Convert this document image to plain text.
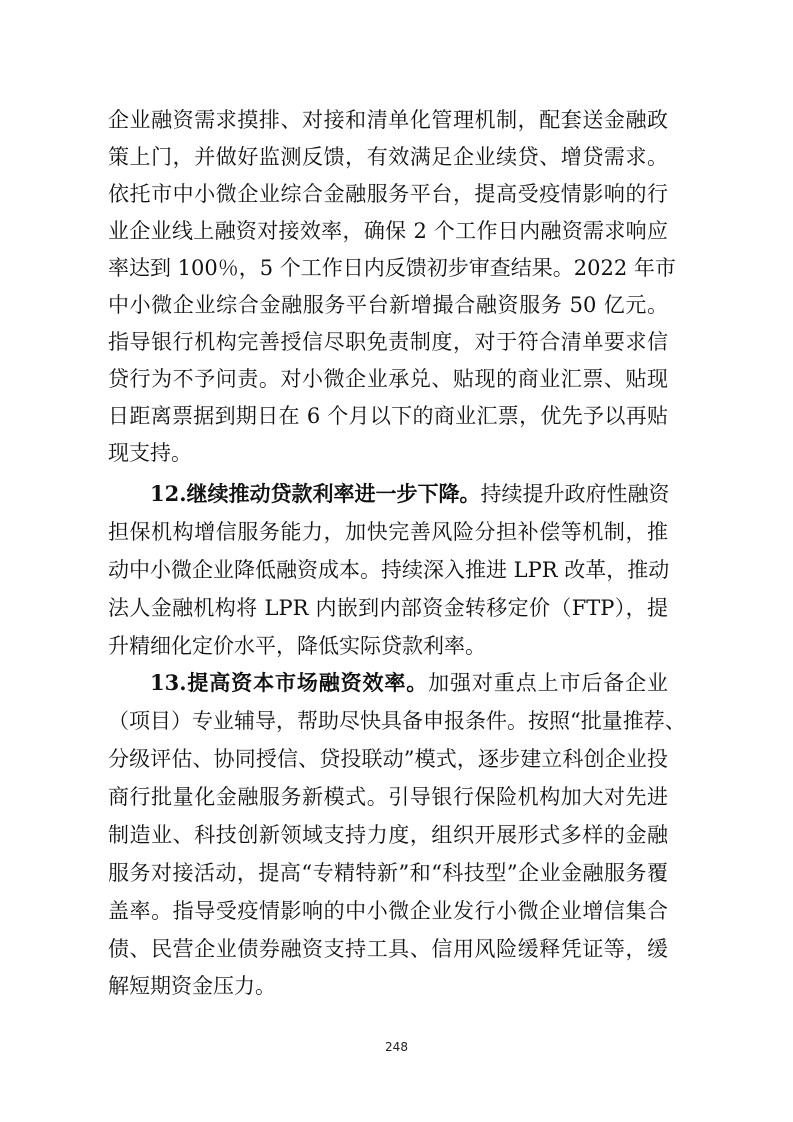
企业融资需求摸排、对接和清单化管理机制，配套送金融政
策上门，并做好监测反馈，有效满足企业续贷、增贷需求。
依托市中小微企业综合金融服务平台，提高受疫情影响的行
业企业线上融资对接效率，确保 2 个工作日内融资需求响应
率达到 100％，5 个工作日内反馈初步审查结果。2022 年市
中小微企业综合金融服务平台新增撮合融资服务 50 亿元。
指导银行机构完善授信尽职免责制度，对于符合清单要求信
贷行为不予问责。对小微企业承兑、贴现的商业汇票、贴现
日距离票据到期日在 6 个月以下的商业汇票，优先予以再贴
现支持。
12.继续推动贷款利率进一步下降。持续提升政府性融资
担保机构增信服务能力，加快完善风险分担补偿等机制，推
动中小微企业降低融资成本。持续深入推进 LPR 改革，推动
法人金融机构将 LPR 内嵌到内部资金转移定价（FTP），提
升精细化定价水平，降低实际贷款利率。
13.提高资本市场融资效率。加强对重点上市后备企业
（项目）专业辅导，帮助尽快具备申报条件。按照“批量推荐、
分级评估、协同授信、贷投联动”模式，逐步建立科创企业投
商行批量化金融服务新模式。引导银行保险机构加大对先进
制造业、科技创新领域支持力度，组织开展形式多样的金融
服务对接活动，提高“专精特新”和“科技型”企业金融服务覆
盖率。指导受疫情影响的中小微企业发行小微企业增信集合
债、民营企业债券融资支持工具、信用风险缓释凭证等，缓
解短期资金压力。
248
